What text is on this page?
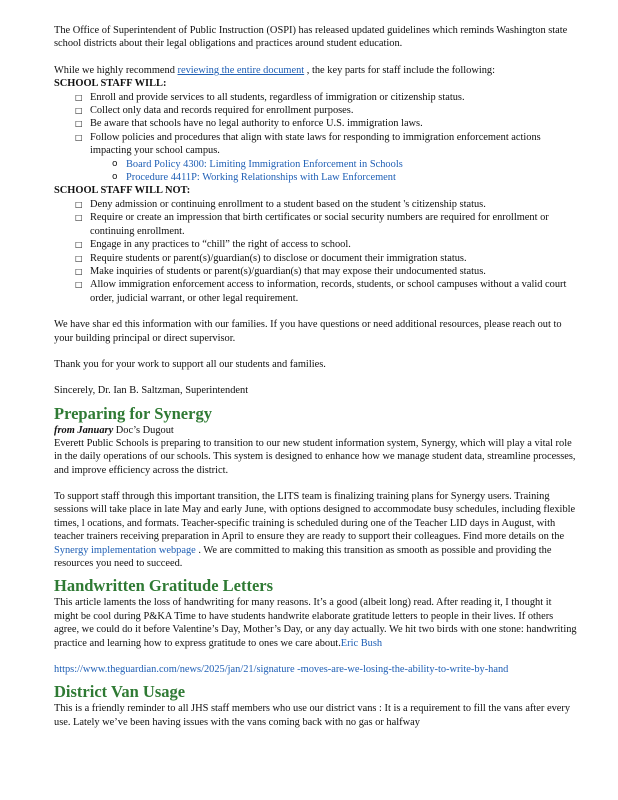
The Office of Superintendent of Public Instruction (OSPI) has released updated guidelines which reminds Washington state school districts about their legal obligations and practices around student education.

While we highly recommend reviewing the entire document , the key parts for staff include the following:

SCHOOL STAFF WILL:
□ Enroll and provide services to all students, regardless of immigration or citizenship status.
□ Collect only data and records required for enrollment purposes.
□ Be aware that schools have no legal authority to enforce U.S. immigration laws.
□ Follow policies and procedures that align with state laws for responding to immigration enforcement actions impacting your school campus.
o Board Policy 4300: Limiting Immigration Enforcement in Schools
o Procedure 4411P: Working Relationships with Law Enforcement
SCHOOL STAFF WILL NOT:
□ Deny admission or continuing enrollment to a student based on the student 's citizenship status.
□ Require or create an impression that birth certificates or social security numbers are required for enrollment or continuing enrollment.
□ Engage in any practices to “chill” the right of access to school.
□ Require students or parent(s)/guardian(s) to disclose or document their immigration status.
□ Make inquiries of students or parent(s)/guardian(s) that may expose their undocumented status.
□ Allow immigration enforcement access to information, records, students, or school campuses without a valid court order, judicial warrant, or other legal requirement.

We have shar ed this information with our families. If you have questions or need additional resources, please reach out to your building principal or direct supervisor.

Thank you for your work to support all our students and families.

Sincerely, Dr. Ian B. Saltzman, Superintendent

Preparing for Synergy
from January Doc’s Dugout

Everett Public Schools is preparing to transition to our new student information system, Synergy, which will play a vital role in the daily operations of our schools. This system is designed to enhance how we manage student data, streamline processes, and improve efficiency across the district.

To support staff through this important transition, the LITS team is finalizing training plans for Synergy users. Training sessions will take place in late May and early June, with options designed to accommodate busy schedules, including flexible times, l ocations, and formats. Teacher-specific training is scheduled during one of the Teacher LID days in August, with teacher trainers receiving preparation in April to ensure they are ready to support their colleagues. Find more details on the Synergy implementation webpage . We are committed to making this transition as smooth as possible and providing the resources you need to succeed.

Handwritten Gratitude Letters

This article laments the loss of handwriting for many reasons. It’s a good (albeit long) read. After reading it, I thought it might be cool during P&KA Time to have students handwrite elaborate gratitude letters to people in their lives. If others agree, we could do it before Valentine’s Day, Mother’s Day, or any day actually. We hit two birds with one stone: handwriting practice and learning how to express gratitude to ones we care about.Eric Bush

https://www.theguardian.com/news/2025/jan/21/signature -moves-are-we-losing-the-ability-to-write-by-hand
District Van Usage

This is a friendly reminder to all JHS staff members who use our district vans : It is a requirement to fill the vans after every use. Lately we’ve been having issues with the vans coming back with no gas or halfway
